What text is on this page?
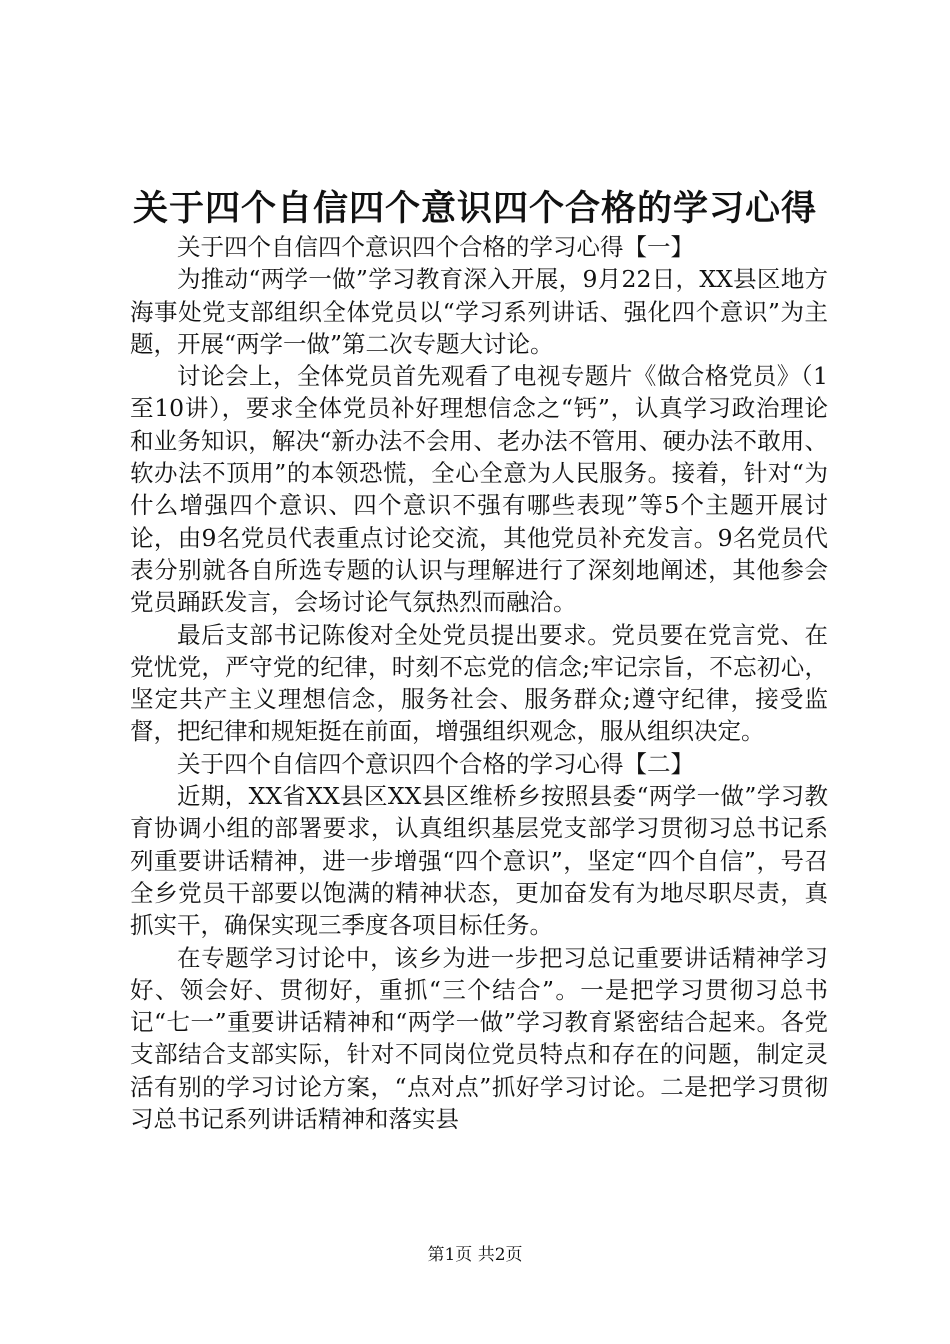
关于四个自信四个意识四个合格的学习心得

关于四个自信四个意识四个合格的学习心得【一】

为推动“两学一做”学习教育深入开展，9月22日，XX县区地方海事处党支部组织全体党员以“学习系列讲话、强化四个意识”为主题，开展“两学一做”第二次专题大讨论。

讨论会上，全体党员首先观看了电视专题片《做合格党员》（1至10讲），要求全体党员补好理想信念之“钙”，认真学习政治理论和业务知识，解决“新办法不会用、老办法不管用、硬办法不敢用、软办法不顶用”的本领恐慌，全心全意为人民服务。接着，针对“为什么增强四个意识、四个意识不强有哪些表现”等5个主题开展讨论，由9名党员代表重点讨论交流，其他党员补充发言。9名党员代表分别就各自所选专题的认识与理解进行了深刻地阐述，其他参会党员踊跃发言，会场讨论气氛热烈而融洽。

最后支部书记陈俊对全处党员提出要求。党员要在党言党、在党忧党，严守党的纪律，时刻不忘党的信念;牢记宗旨，不忘初心，坚定共产主义理想信念，服务社会、服务群众;遵守纪律，接受监督，把纪律和规矩挺在前面，增强组织观念，服从组织决定。

关于四个自信四个意识四个合格的学习心得【二】

近期，XX省XX县区XX县区维桥乡按照县委“两学一做”学习教育协调小组的部署要求，认真组织基层党支部学习贯彻习总书记系列重要讲话精神，进一步增强“四个意识”，坚定“四个自信”，号召全乡党员干部要以饱满的精神状态，更加奋发有为地尽职尽责，真抓实干，确保实现三季度各项目标任务。

在专题学习讨论中，该乡为进一步把习总记重要讲话精神学习好、领会好、贯彻好，重抓“三个结合”。一是把学习贯彻习总书记“七一”重要讲话精神和“两学一做”学习教育紧密结合起来。各党支部结合支部实际，针对不同岗位党员特点和存在的问题，制定灵活有别的学习讨论方案，“点对点”抓好学习讨论。二是把学习贯彻习总书记系列讲话精神和落实县

第1页 共2页
